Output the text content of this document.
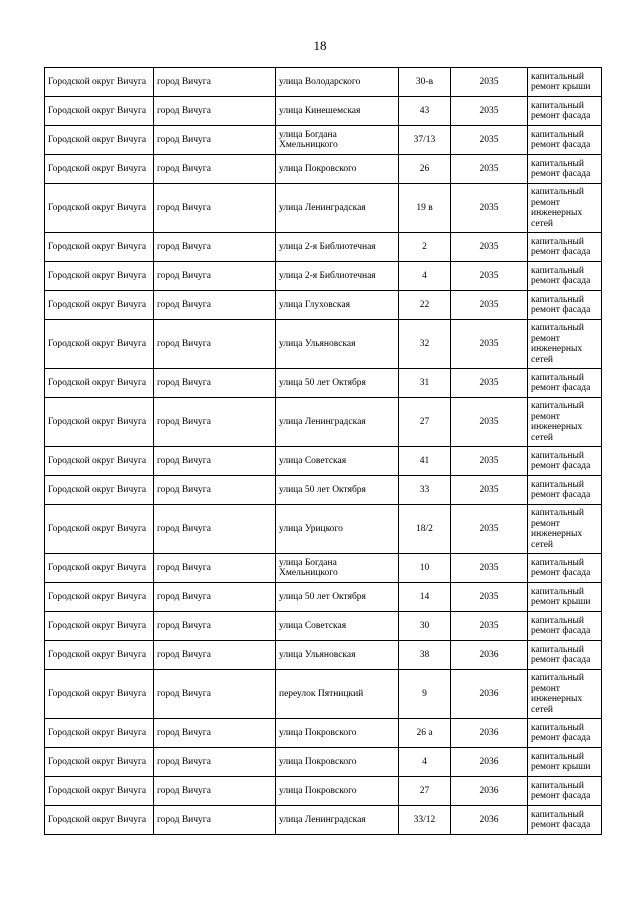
18
Городской округ Вичуга	город Вичуга	улица Володарского	30-в	2035	капитальный ремонт крыши
Городской округ Вичуга	город Вичуга	улица Кинешемская	43	2035	капитальный ремонт фасада
Городской округ Вичуга	город Вичуга	улица Богдана Хмельницкого	37/13	2035	капитальный ремонт фасада
Городской округ Вичуга	город Вичуга	улица Покровского	26	2035	капитальный ремонт фасада
Городской округ Вичуга	город Вичуга	улица Ленинградская	19 в	2035	капитальный ремонт инженерных сетей
Городской округ Вичуга	город Вичуга	улица 2-я Библиотечная	2	2035	капитальный ремонт фасада
Городской округ Вичуга	город Вичуга	улица 2-я Библиотечная	4	2035	капитальный ремонт фасада
Городской округ Вичуга	город Вичуга	улица Глуховская	22	2035	капитальный ремонт фасада
Городской округ Вичуга	город Вичуга	улица Ульяновская	32	2035	капитальный ремонт инженерных сетей
Городской округ Вичуга	город Вичуга	улица 50 лет Октября	31	2035	капитальный ремонт фасада
Городской округ Вичуга	город Вичуга	улица Ленинградская	27	2035	капитальный ремонт инженерных сетей
Городской округ Вичуга	город Вичуга	улица Советская	41	2035	капитальный ремонт фасада
Городской округ Вичуга	город Вичуга	улица 50 лет Октября	33	2035	капитальный ремонт фасада
Городской округ Вичуга	город Вичуга	улица Урицкого	18/2	2035	капитальный ремонт инженерных сетей
Городской округ Вичуга	город Вичуга	улица Богдана Хмельницкого	10	2035	капитальный ремонт фасада
Городской округ Вичуга	город Вичуга	улица 50 лет Октября	14	2035	капитальный ремонт крыши
Городской округ Вичуга	город Вичуга	улица Советская	30	2035	капитальный ремонт фасада
Городской округ Вичуга	город Вичуга	улица Ульяновская	38	2036	капитальный ремонт фасада
Городской округ Вичуга	город Вичуга	переулок Пятницкий	9	2036	капитальный ремонт инженерных сетей
Городской округ Вичуга	город Вичуга	улица Покровского	26 а	2036	капитальный ремонт фасада
Городской округ Вичуга	город Вичуга	улица Покровского	4	2036	капитальный ремонт крыши
Городской округ Вичуга	город Вичуга	улица Покровского	27	2036	капитальный ремонт фасада
Городской округ Вичуга	город Вичуга	улица Ленинградская	33/12	2036	капитальный ремонт фасада
